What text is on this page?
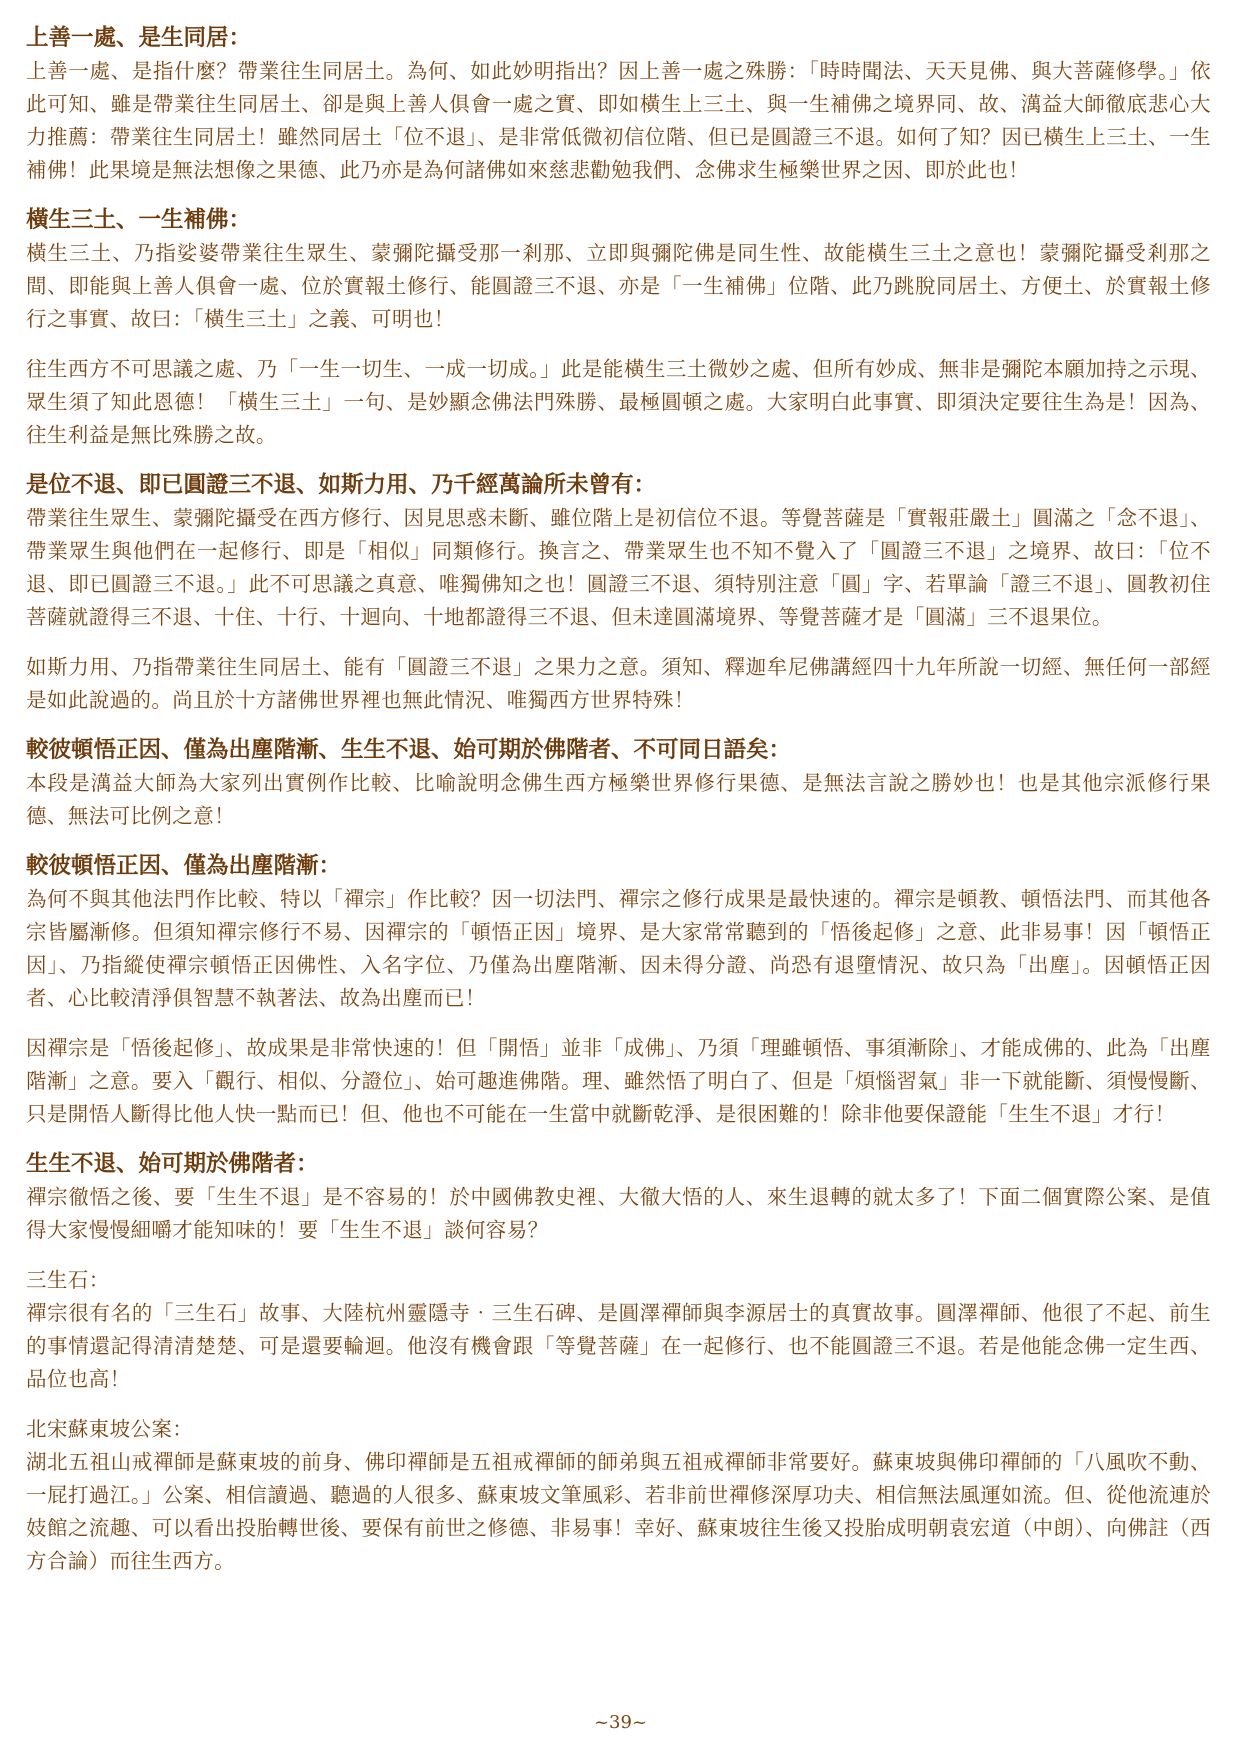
上善一處、是生同居：

上善一處、是指什麼？帶業往生同居土。為何、如此妙明指出？因上善一處之殊勝：「時時聞法、天天見佛、與大菩薩修學。」依此可知、雖是帶業往生同居土、卻是與上善人俱會一處之實、即如橫生上三土、與一生補佛之境界同、故、澫益大師徹底悲心大力推薦：帶業往生同居土！雖然同居土「位不退」、是非常低微初信位階、但已是圓證三不退。如何了知？因已橫生上三土、一生補佛！此果境是無法想像之果德、此乃亦是為何諸佛如來慈悲勸勉我們、念佛求生極樂世界之因、即於此也！

橫生三土、一生補佛：

橫生三土、乃指娑婆帶業往生眾生、蒙彌陀攝受那一剎那、立即與彌陀佛是同生性、故能橫生三土之意也！蒙彌陀攝受剎那之間、即能與上善人俱會一處、位於實報土修行、能圓證三不退、亦是「一生補佛」位階、此乃跳脫同居土、方便土、於實報土修行之事實、故曰：「橫生三土」之義、可明也！

往生西方不可思議之處、乃「一生一切生、一成一切成。」此是能橫生三土微妙之處、但所有妙成、無非是彌陀本願加持之示現、眾生須了知此恩德！「橫生三土」一句、是妙顯念佛法門殊勝、最極圓頓之處。大家明白此事實、即須決定要往生為是！因為、往生利益是無比殊勝之故。

是位不退、即已圓證三不退、如斯力用、乃千經萬論所未曾有：

帶業往生眾生、蒙彌陀攝受在西方修行、因見思惑未斷、雖位階上是初信位不退。等覺菩薩是「實報莊嚴土」圓滿之「念不退」、帶業眾生與他們在一起修行、即是「相似」同類修行。換言之、帶業眾生也不知不覺入了「圓證三不退」之境界、故曰：「位不退、即已圓證三不退。」此不可思議之真意、唯獨佛知之也！圓證三不退、須特別注意「圓」字、若單論「證三不退」、圓教初住菩薩就證得三不退、十住、十行、十迴向、十地都證得三不退、但未達圓滿境界、等覺菩薩才是「圓滿」三不退果位。

如斯力用、乃指帶業往生同居土、能有「圓證三不退」之果力之意。須知、釋迦牟尼佛講經四十九年所說一切經、無任何一部經是如此說過的。尚且於十方諸佛世界裡也無此情況、唯獨西方世界特殊！

較彼頓悟正因、僅為出塵階漸、生生不退、始可期於佛階者、不可同日語矣：

本段是澫益大師為大家列出實例作比較、比喻說明念佛生西方極樂世界修行果德、是無法言說之勝妙也！也是其他宗派修行果德、無法可比例之意！

較彼頓悟正因、僅為出塵階漸：

為何不與其他法門作比較、特以「禪宗」作比較？因一切法門、禪宗之修行成果是最快速的。禪宗是頓教、頓悟法門、而其他各宗皆屬漸修。但須知禪宗修行不易、因禪宗的「頓悟正因」境界、是大家常常聽到的「悟後起修」之意、此非易事！因「頓悟正因」、乃指縱使禪宗頓悟正因佛性、入名字位、乃僅為出塵階漸、因未得分證、尚恐有退墮情況、故只為「出塵」。因頓悟正因者、心比較清淨俱智慧不執著法、故為出塵而已！

因禪宗是「悟後起修」、故成果是非常快速的！但「開悟」並非「成佛」、乃須「理雖頓悟、事須漸除」、才能成佛的、此為「出塵階漸」之意。要入「觀行、相似、分證位」、始可趣進佛階。理、雖然悟了明白了、但是「煩惱習氣」非一下就能斷、須慢慢斷、只是開悟人斷得比他人快一點而已！但、他也不可能在一生當中就斷乾淨、是很困難的！除非他要保證能「生生不退」才行！

生生不退、始可期於佛階者：

禪宗徹悟之後、要「生生不退」是不容易的！於中國佛教史裡、大徹大悟的人、來生退轉的就太多了！下面二個實際公案、是值得大家慢慢細嚼才能知味的！要「生生不退」談何容易？

三生石：

禪宗很有名的「三生石」故事、大陸杭州靈隱寺‧三生石碑、是圓澤禪師與李源居士的真實故事。圓澤禪師、他很了不起、前生的事情還記得清清楚楚、可是還要輪迴。他沒有機會跟「等覺菩薩」在一起修行、也不能圓證三不退。若是他能念佛一定生西、品位也高！

北宋蘇東坡公案：

湖北五祖山戒禪師是蘇東坡的前身、佛印禪師是五祖戒禪師的師弟與五祖戒禪師非常要好。蘇東坡與佛印禪師的「八風吹不動、一屁打過江。」公案、相信讀過、聽過的人很多、蘇東坡文筆風彩、若非前世禪修深厚功夫、相信無法風運如流。但、從他流連於妓館之流趣、可以看出投胎轉世後、要保有前世之修德、非易事！幸好、蘇東坡往生後又投胎成明朝袁宏道（中朗）、向佛註（西方合論）而往生西方。

~39~
